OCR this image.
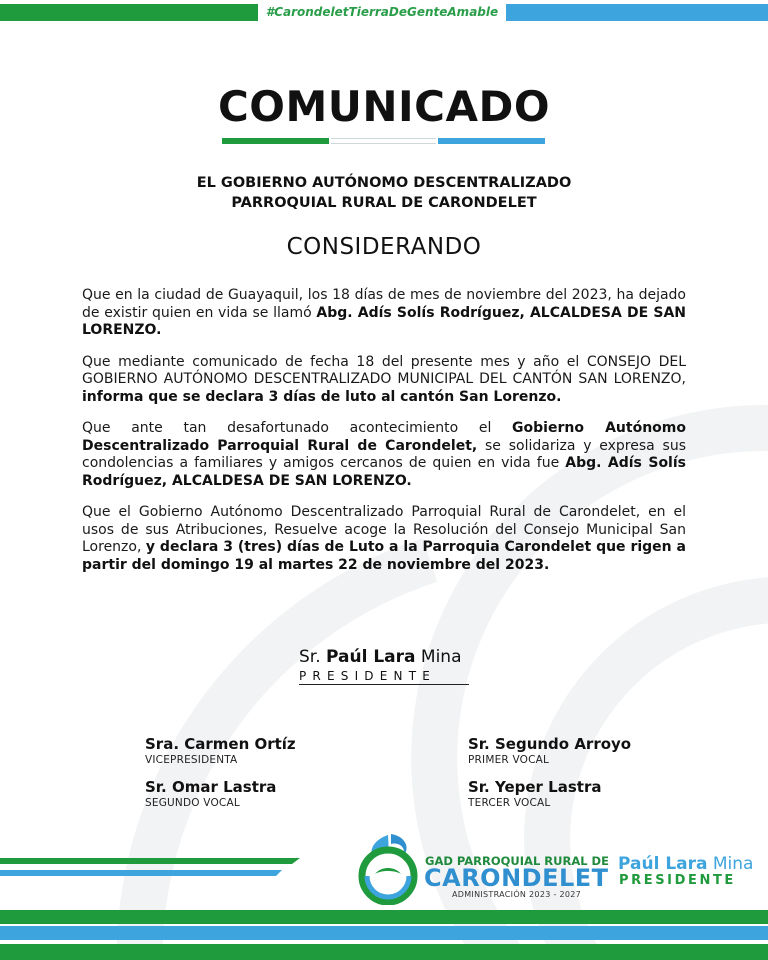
#CarondeletTierraDeGenteAmable
COMUNICADO
EL GOBIERNO AUTÓNOMO DESCENTRALIZADO
PARROQUIAL RURAL DE CARONDELET
CONSIDERANDO

Que en la ciudad de Guayaquil, los 18 días de mes de noviembre del 2023, ha dejado de existir quien en vida se llamó Abg. Adís Solís Rodríguez, ALCALDESA DE SAN LORENZO.

Que mediante comunicado de fecha 18 del presente mes y año el CONSEJO DEL GOBIERNO AUTÓNOMO DESCENTRALIZADO MUNICIPAL DEL CANTÓN SAN LORENZO, informa que se declara 3 días de luto al cantón San Lorenzo.

Que ante tan desafortunado acontecimiento el Gobierno Autónomo Descentralizado Parroquial Rural de Carondelet, se solidariza y expresa sus condolencias a familiares y amigos cercanos de quien en vida fue Abg. Adís Solís Rodríguez, ALCALDESA DE SAN LORENZO.

Que el Gobierno Autónomo Descentralizado Parroquial Rural de Carondelet, en el usos de sus Atribuciones, Resuelve acoge la Resolución del Consejo Municipal San Lorenzo, y declara 3 (tres) días de Luto a la Parroquia Carondelet que rigen a partir del domingo 19 al martes 22 de noviembre del 2023.

Sr. Paúl Lara Mina
PRESIDENTE
Sra. Carmen Ortíz
VICEPRESIDENTA
Sr. Segundo Arroyo
PRIMER VOCAL
Sr. Omar Lastra
SEGUNDO VOCAL
Sr. Yeper Lastra
TERCER VOCAL
GAD PARROQUIAL RURAL DE
CARONDELET
ADMINISTRACIÓN 2023 - 2027
Paúl Lara Mina
PRESIDENTE
